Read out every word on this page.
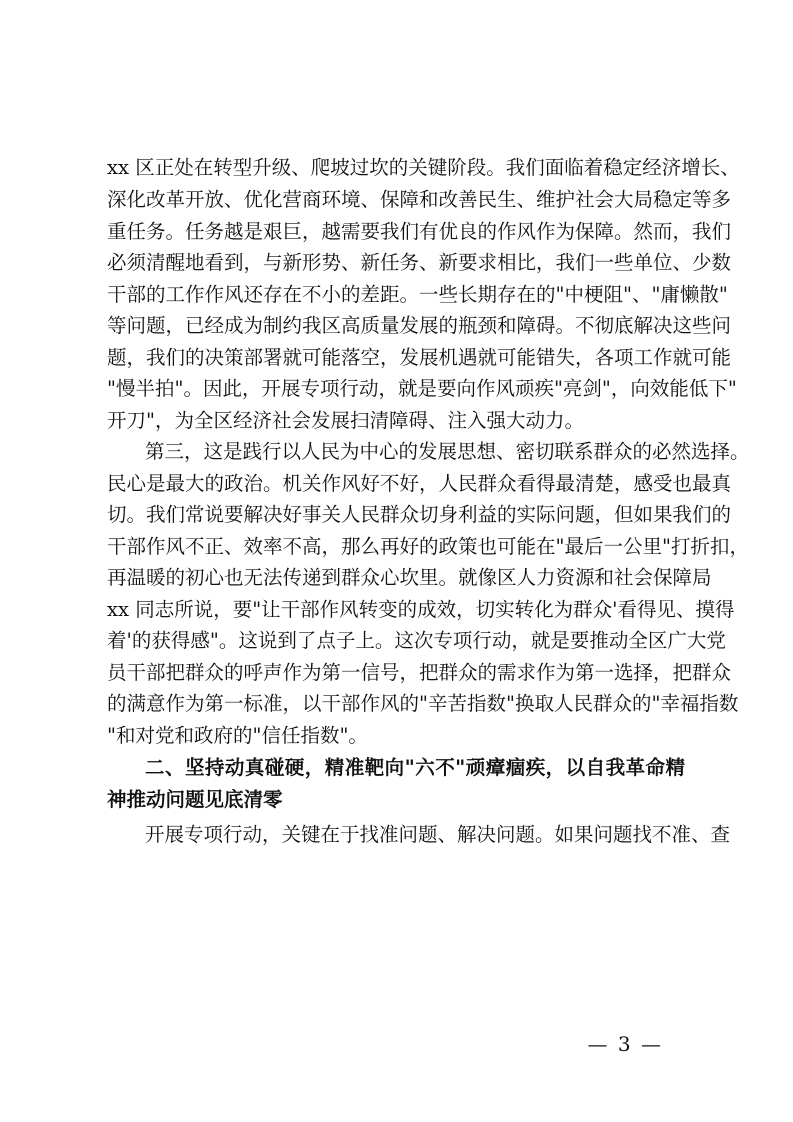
xx 区正处在转型升级、爬坡过坎的关键阶段。我们面临着稳定经济增长、
深化改革开放、优化营商环境、保障和改善民生、维护社会大局稳定等多
重任务。任务越是艰巨，越需要我们有优良的作风作为保障。然而，我们
必须清醒地看到，与新形势、新任务、新要求相比，我们一些单位、少数
干部的工作作风还存在不小的差距。一些长期存在的"中梗阻"、"庸懒散"
等问题，已经成为制约我区高质量发展的瓶颈和障碍。不彻底解决这些问
题，我们的决策部署就可能落空，发展机遇就可能错失，各项工作就可能
"慢半拍"。因此，开展专项行动，就是要向作风顽疾"亮剑"，向效能低下"
开刀"，为全区经济社会发展扫清障碍、注入强大动力。
第三，这是践行以人民为中心的发展思想、密切联系群众的必然选择。
民心是最大的政治。机关作风好不好，人民群众看得最清楚，感受也最真
切。我们常说要解决好事关人民群众切身利益的实际问题，但如果我们的
干部作风不正、效率不高，那么再好的政策也可能在"最后一公里"打折扣，
再温暖的初心也无法传递到群众心坎里。就像区人力资源和社会保障局
xx 同志所说，要"让干部作风转变的成效，切实转化为群众'看得见、摸得
着'的获得感"。这说到了点子上。这次专项行动，就是要推动全区广大党
员干部把群众的呼声作为第一信号，把群众的需求作为第一选择，把群众
的满意作为第一标准，以干部作风的"辛苦指数"换取人民群众的"幸福指数
"和对党和政府的"信任指数"。
二、坚持动真碰硬，精准靶向"六不"顽瘴痼疾，以自我革命精
神推动问题见底清零
开展专项行动，关键在于找准问题、解决问题。如果问题找不准、查
— 3 —
